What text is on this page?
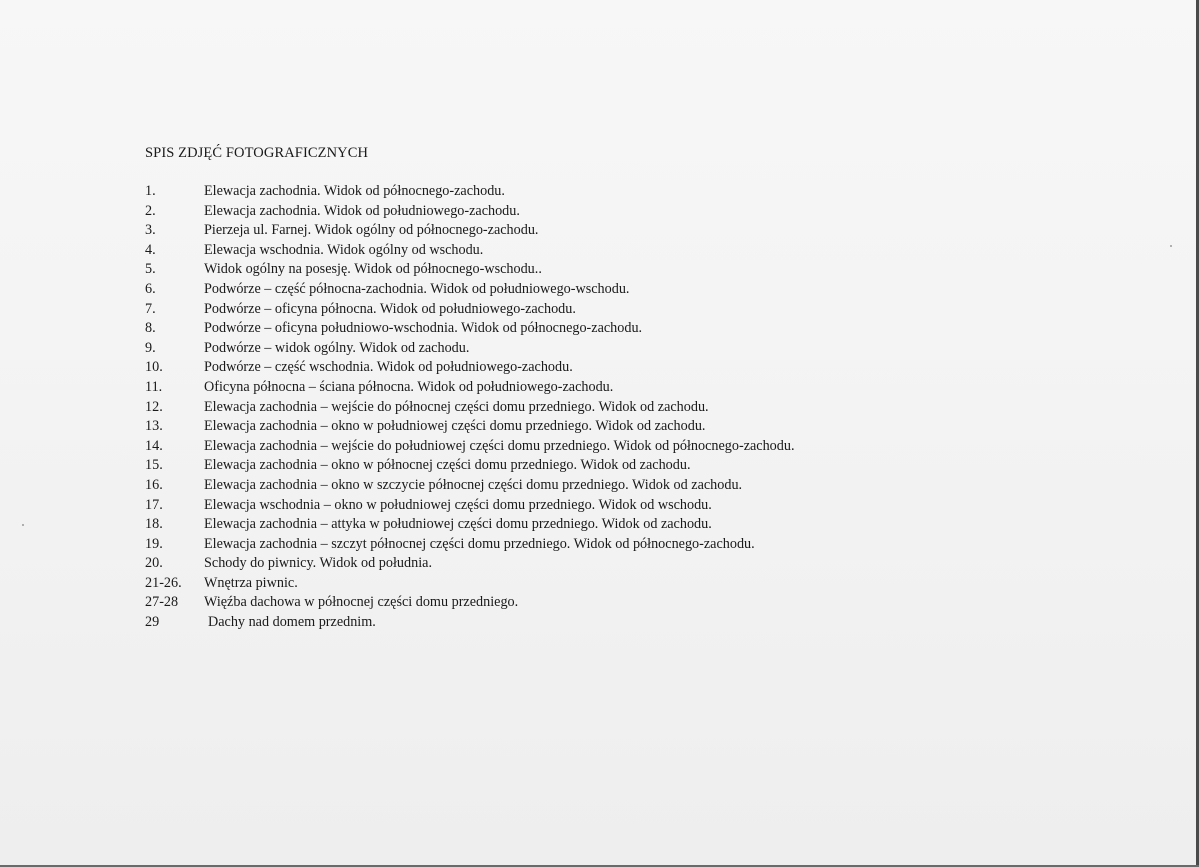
SPIS ZDJĘĆ FOTOGRAFICZNYCH
1.	Elewacja zachodnia. Widok od północnego-zachodu.
2.	Elewacja zachodnia. Widok od południowego-zachodu.
3.	Pierzeja ul. Farnej. Widok ogólny od północnego-zachodu.
4.	Elewacja wschodnia. Widok ogólny od wschodu.
5.	Widok ogólny na posesję. Widok od północnego-wschodu..
6.	Podwórze – część północna-zachodnia. Widok od południowego-wschodu.
7.	Podwórze – oficyna północna. Widok od południowego-zachodu.
8.	Podwórze – oficyna południowo-wschodnia. Widok od północnego-zachodu.
9.	Podwórze – widok ogólny. Widok od zachodu.
10.	Podwórze – część wschodnia. Widok od południowego-zachodu.
11.	Oficyna północna – ściana północna. Widok od południowego-zachodu.
12.	Elewacja zachodnia – wejście do północnej części domu przedniego. Widok od zachodu.
13.	Elewacja zachodnia – okno w południowej części domu przedniego. Widok od zachodu.
14.	Elewacja zachodnia – wejście do południowej części domu przedniego. Widok od północnego-zachodu.
15.	Elewacja zachodnia – okno w północnej części domu przedniego. Widok od zachodu.
16.	Elewacja zachodnia – okno w szczycie północnej części domu przedniego. Widok od zachodu.
17.	Elewacja wschodnia – okno w południowej części domu przedniego. Widok od wschodu.
18.	Elewacja zachodnia – attyka w południowej części domu przedniego. Widok od zachodu.
19.	Elewacja zachodnia – szczyt północnej części domu przedniego. Widok od północnego-zachodu.
20.	Schody do piwnicy. Widok od południa.
21-26.	Wnętrza piwnic.
27-28	Więźba dachowa w północnej części domu przedniego.
29	Dachy nad domem przednim.
